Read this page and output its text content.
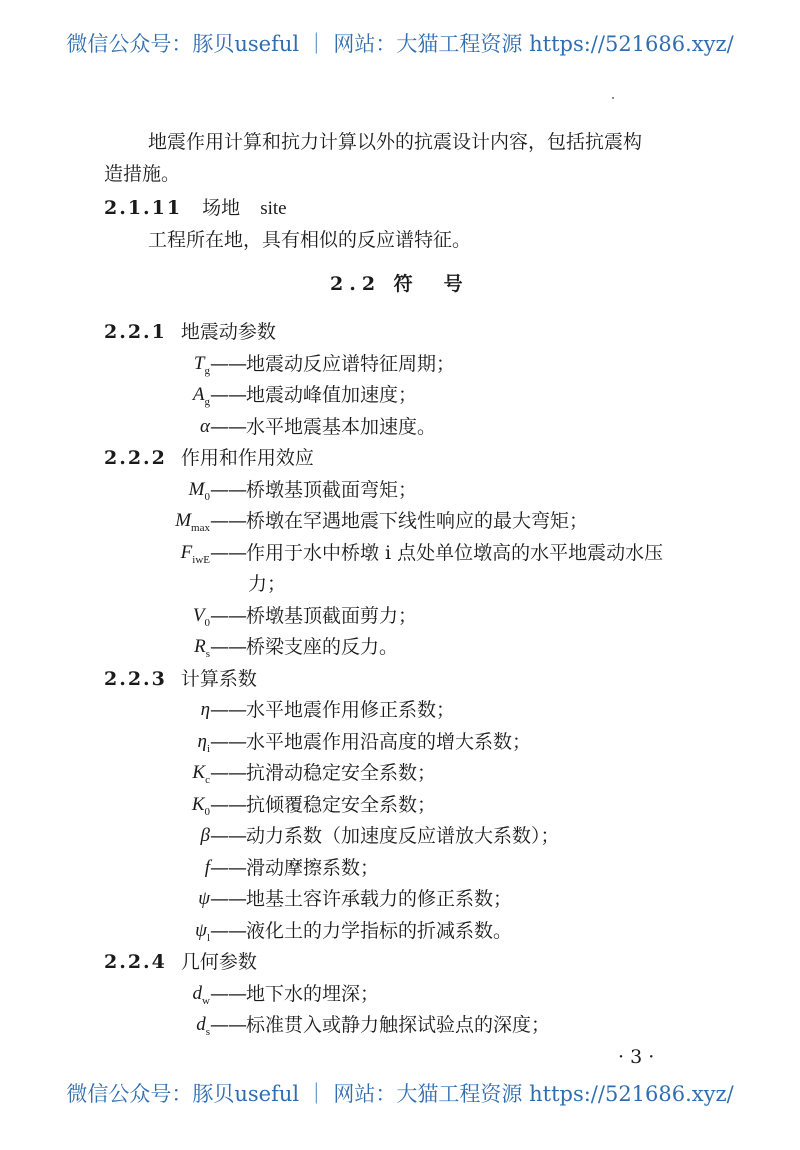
微信公众号：豚贝useful ｜ 网站：大猫工程资源 https://521686.xyz/
地震作用计算和抗力计算以外的抗震设计内容，包括抗震构
造措施。
2.1.11 场地 site
工程所在地，具有相似的反应谱特征。
2.2 符　号
2.2.1 地震动参数
$T_g$ ——地震动反应谱特征周期；
$A_g$ ——地震动峰值加速度；
α ——水平地震基本加速度。
2.2.2 作用和作用效应
$M_0$ ——桥墩基顶截面弯矩；
$M_{max}$ ——桥墩在罕遇地震下线性响应的最大弯矩；
$F_{iwE}$ ——作用于水中桥墩 i 点处单位墩高的水平地震动水压
力；
$V_0$ ——桥墩基顶截面剪力；
$R_s$ ——桥梁支座的反力。
2.2.3 计算系数
η ——水平地震作用修正系数；
$\eta_i$ ——水平地震作用沿高度的增大系数；
$K_c$ ——抗滑动稳定安全系数；
$K_0$ ——抗倾覆稳定安全系数；
β ——动力系数（加速度反应谱放大系数）；
f ——滑动摩擦系数；
ψ ——地基土容许承载力的修正系数；
$\psi_l$ ——液化土的力学指标的折减系数。
2.2.4 几何参数
$d_w$ ——地下水的埋深；
$d_s$ ——标准贯入或静力触探试验点的深度；
· 3 ·
微信公众号：豚贝useful ｜ 网站：大猫工程资源 https://521686.xyz/
